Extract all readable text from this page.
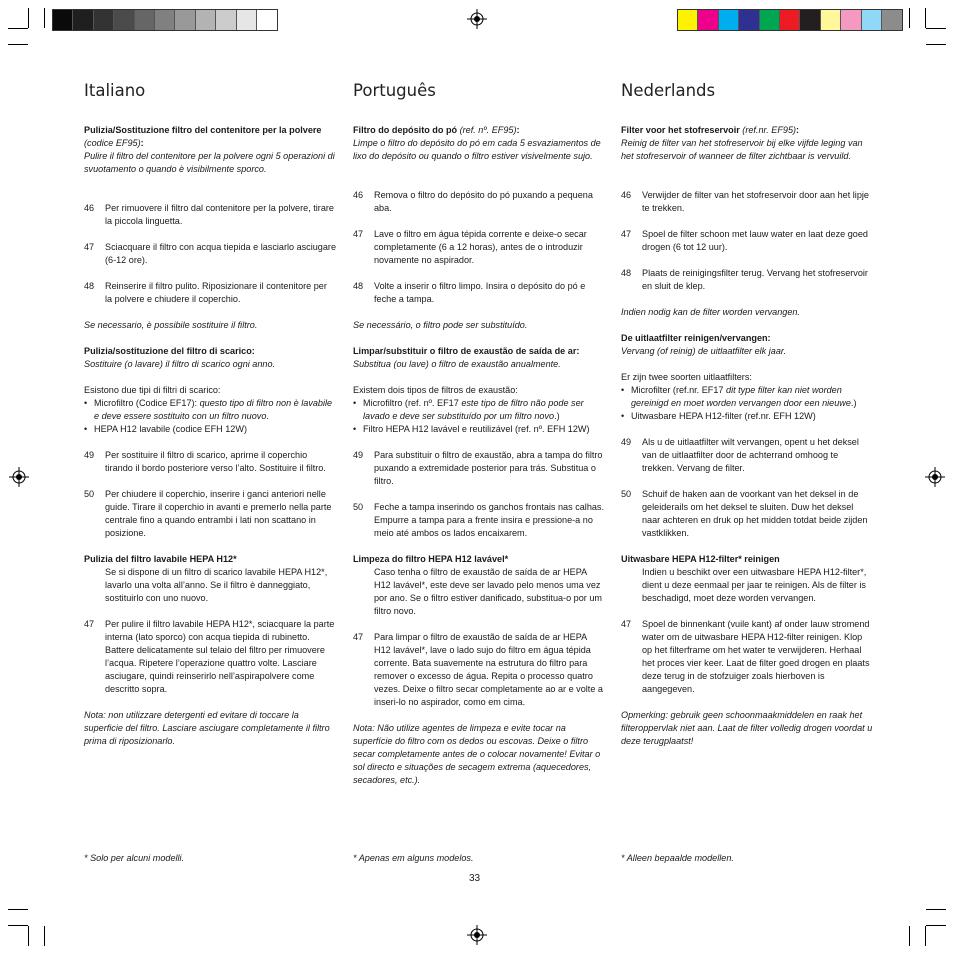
Italiano
Pulizia/Sostituzione filtro del contenitore per la polvere (codice EF95):
Pulire il filtro del contenitore per la polvere ogni 5 operazioni di svuotamento o quando è visibilmente sporco.
46	Per rimuovere il filtro dal contenitore per la polvere, tirare la piccola linguetta.
47	Sciacquare il filtro con acqua tiepida e lasciarlo asciugare (6-12 ore).
48	Reinserire il filtro pulito. Riposizionare il contenitore per la polvere e chiudere il coperchio.
Se necessario, è possibile sostituire il filtro.
Pulizia/sostituzione del filtro di scarico:
Sostituire (o lavare) il filtro di scarico ogni anno.
Esistono due tipi di filtri di scarico:
• Microfiltro (Codice EF17): questo tipo di filtro non è lavabile e deve essere sostituito con un filtro nuovo.
• HEPA H12 lavabile (codice EFH 12W)
49	Per sostituire il filtro di scarico, aprirne il coperchio tirando il bordo posteriore verso l’alto. Sostituire il filtro.
50	Per chiudere il coperchio, inserire i ganci anteriori nelle guide. Tirare il coperchio in avanti e premerlo nella parte centrale fino a quando entrambi i lati non scattano in posizione.
Pulizia del filtro lavabile HEPA H12*
Se si dispone di un filtro di scarico lavabile HEPA H12*, lavarlo una volta all’anno. Se il filtro è danneggiato, sostituirlo con uno nuovo.
47	Per pulire il filtro lavabile HEPA H12*, sciacquare la parte interna (lato sporco) con acqua tiepida di rubinetto. Battere delicatamente sul telaio del filtro per rimuovere l’acqua. Ripetere l’operazione quattro volte. Lasciare asciugare, quindi reinserirlo nell’aspirapolvere come descritto sopra.
Nota: non utilizzare detergenti ed evitare di toccare la superficie del filtro. Lasciare asciugare completamente il filtro prima di riposizionarlo.
Português
Filtro do depósito do pó (ref. nº. EF95):
Limpe o filtro do depósito do pó em cada 5 esvaziamentos de lixo do depósito ou quando o filtro estiver visivelmente sujo.
46	Remova o filtro do depósito do pó puxando a pequena aba.
47	Lave o filtro em água tépida corrente e deixe-o secar completamente (6 a 12 horas), antes de o introduzir novamente no aspirador.
48	Volte a inserir o filtro limpo. Insira o depósito do pó e feche a tampa.
Se necessário, o filtro pode ser substituído.
Limpar/substituir o filtro de exaustão de saída de ar:
Substitua (ou lave) o filtro de exaustão anualmente.
Existem dois tipos de filtros de exaustão:
• Microfiltro (ref. nº. EF17 este tipo de filtro não pode ser lavado e deve ser substituído por um filtro novo.)
• Filtro HEPA H12 lavável e reutilizável (ref. nº. EFH 12W)
49	Para substituir o filtro de exaustão, abra a tampa do filtro puxando a extremidade posterior para trás. Substitua o filtro.
50	Feche a tampa inserindo os ganchos frontais nas calhas. Empurre a tampa para a frente insira e pressione-a no meio até ambos os lados encaixarem.
Limpeza do filtro HEPA H12 lavável*
Caso tenha o filtro de exaustão de saída de ar HEPA H12 lavável*, este deve ser lavado pelo menos uma vez por ano. Se o filtro estiver danificado, substitua-o por um filtro novo.
47	Para limpar o filtro de exaustão de saída de ar HEPA H12 lavável*, lave o lado sujo do filtro em água tépida corrente. Bata suavemente na estrutura do filtro para remover o excesso de água. Repita o processo quatro vezes. Deixe o filtro secar completamente ao ar e volte a inseri-lo no aspirador, como em cima.
Nota: Não utilize agentes de limpeza e evite tocar na superfície do filtro com os dedos ou escovas. Deixe o filtro secar completamente antes de o colocar novamente! Evitar o sol directo e situações de secagem extrema (aquecedores, secadores, etc.).
Nederlands
Filter voor het stofreservoir (ref.nr. EF95):
Reinig de filter van het stofreservoir bij elke vijfde leging van het stofreservoir of wanneer de filter zichtbaar is vervuild.
46	Verwijder de filter van het stofreservoir door aan het lipje te trekken.
47	Spoel de filter schoon met lauw water en laat deze goed drogen (6 tot 12 uur).
48	Plaats de reinigingsfilter terug. Vervang het stofreservoir en sluit de klep.
Indien nodig kan de filter worden vervangen.
De uitlaatfilter reinigen/vervangen:
Vervang (of reinig) de uitlaatfilter elk jaar.
Er zijn twee soorten uitlaatfilters:
• Microfilter (ref.nr. EF17 dit type filter kan niet worden gereinigd en moet worden vervangen door een nieuwe.)
• Uitwasbare HEPA H12-filter (ref.nr. EFH 12W)
49	Als u de uitlaatfilter wilt vervangen, opent u het deksel van de uitlaatfilter door de achterrand omhoog te trekken. Vervang de filter.
50	Schuif de haken aan de voorkant van het deksel in de geleiderails om het deksel te sluiten. Duw het deksel naar achteren en druk op het midden totdat beide zijden vastklikken.
Uitwasbare HEPA H12-filter* reinigen
Indien u beschikt over een uitwasbare HEPA H12-filter*, dient u deze eenmaal per jaar te reinigen. Als de filter is beschadigd, moet deze worden vervangen.
47	Spoel de binnenkant (vuile kant) af onder lauw stromend water om de uitwasbare HEPA H12-filter reinigen. Klop op het filterframe om het water te verwijderen. Herhaal het proces vier keer. Laat de filter goed drogen en plaats deze terug in de stofzuiger zoals hierboven is aangegeven.
Opmerking: gebruik geen schoonmaakmiddelen en raak het filteroppervlak niet aan. Laat de filter volledig drogen voordat u deze terugplaatst!
* Solo per alcuni modelli.	* Apenas em alguns modelos.	* Alleen bepaalde modellen.
33
